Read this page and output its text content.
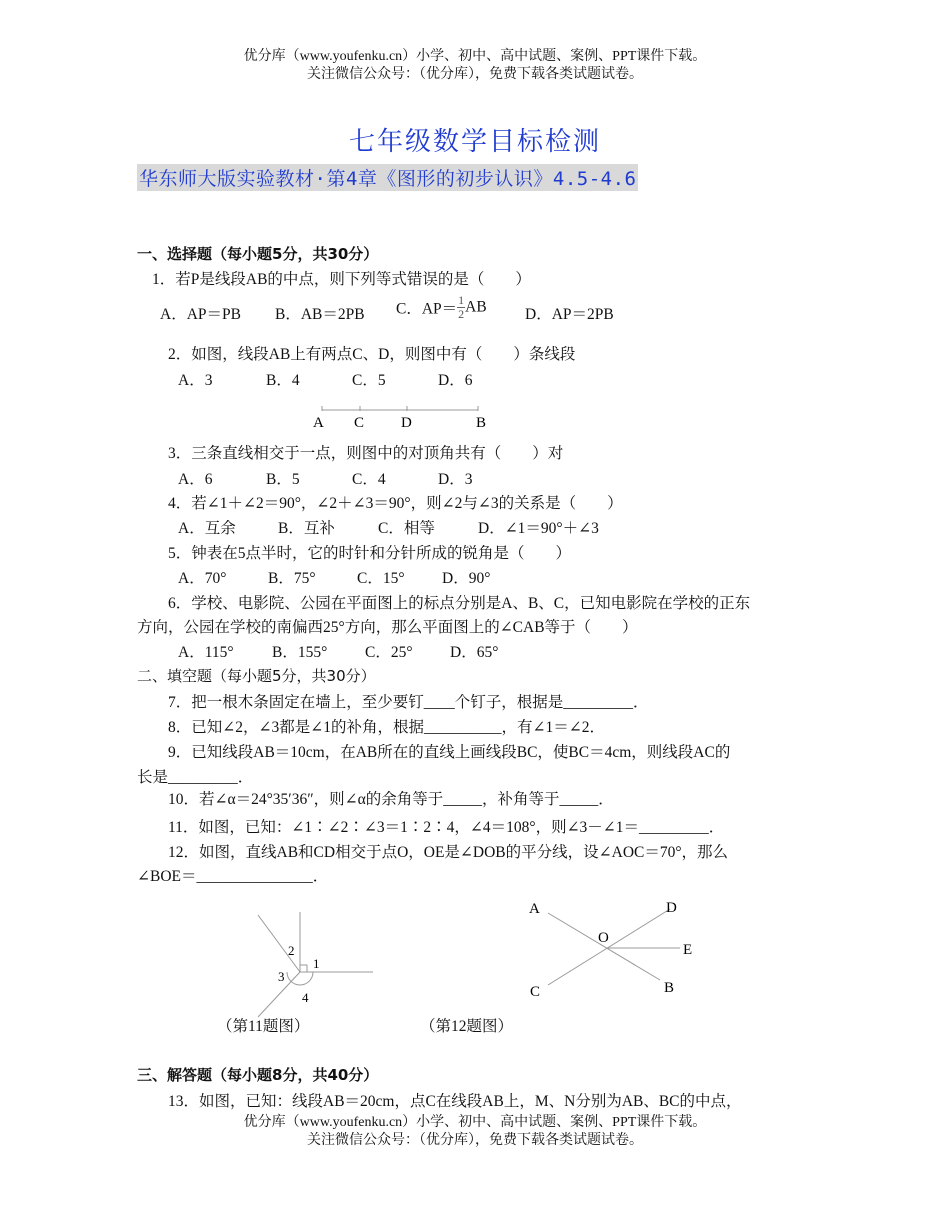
优分库（www.youfenku.cn）小学、初中、高中试题、案例、PPT课件下载。
关注微信公众号：（优分库），免费下载各类试题试卷。
七年级数学目标检测
华东师大版实验教材·第4章《图形的初步认识》4.5-4.6
一、选择题（每小题5分，共30分）
1．若P是线段AB的中点，则下列等式错误的是（　　）
A．AP＝PB B．AB＝2PB C．$AP= \frac{1}{2}$ AB D．AP＝2PB
2．如图，线段AB上有两点C、D，则图中有（　　）条线段
A．3	B．4	C．5	D．6
A C D	B
3．三条直线相交于一点，则图中的对顶角共有（　　）对
A．6	B．5	C．4	D．3
4．若∠1＋∠2＝90°，∠2＋∠3＝90°，则∠2与∠3的关系是（　　）
A．互余	B．互补	C．相等	D．∠1＝90°＋∠3
5．钟表在5点半时，它的时针和分针所成的锐角是（　　）
A．70°	B．75°	C．15° D．90°
6．学校、电影院、公园在平面图上的标点分别是A、B、C，已知电影院在学校的正东
方向，公园在学校的南偏西25°方向，那么平面图上的∠CAB等于（　　）
A．115° B．155° C．25° D．65°
二、填空题（每小题5分，共30分）
7．把一根木条固定在墙上，至少要钉____个钉子，根据是_________．
8．已知∠2，∠3都是∠1的补角，根据__________，有∠1＝∠2．
9．已知线段AB＝10cm，在AB所在的直线上画线段BC，使BC＝4cm，则线段AC的
长是_________．
10．若∠α＝24°35′36″，则∠α的余角等于_____，补角等于_____．
11．如图，已知：∠1∶∠2∶∠3＝1∶2∶4，∠4＝108°，则∠3－∠1＝_________．
12．如图，直线AB和CD相交于点O，OE是∠DOB的平分线，设∠AOC＝70°，那么
∠BOE＝_______________．
2
1
3
4
（第11题图）
A	D
O
E
C	B
（第12题图）
三、解答题（每小题8分，共40分）
13．如图，已知：线段AB＝20cm，点C在线段AB上，M、N分别为AB、BC的中点，
优分库（www.youfenku.cn）小学、初中、高中试题、案例、PPT课件下载。
关注微信公众号：（优分库），免费下载各类试题试卷。
